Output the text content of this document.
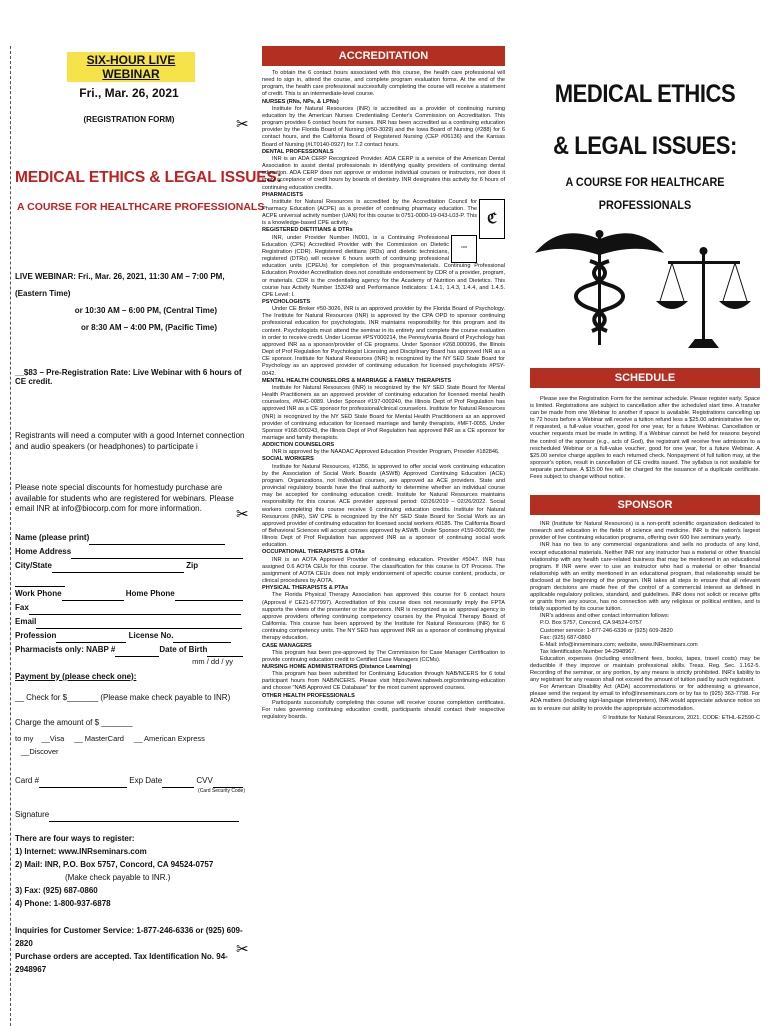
SIX-HOUR LIVE WEBINAR
Fri., Mar. 26, 2021
(REGISTRATION FORM)
MEDICAL ETHICS & LEGAL ISSUES:
A COURSE FOR HEALTHCARE PROFESSIONALS
LIVE WEBINAR: Fri., Mar. 26, 2021, 11:30 AM – 7:00 PM, (Eastern Time)
or 10:30 AM – 6:00 PM, (Central Time)
or 8:30 AM – 4:00 PM, (Pacific Time)
__$83 – Pre-Registration Rate: Live Webinar with 6 hours of CE credit.
Registrants will need a computer with a good Internet connection and audio speakers (or headphones) to participate i
Please note special discounts for homestudy purchase are available for students who are registered for webinars. Please email INR at info@biocorp.com for more information.
Name (please print)
Home Address
City/State	Zip
Work Phone	Home Phone
Fax
Email
Profession	License No.
Pharmacists only: NABP #	Date of Birth
mm / dd / yy
Payment by (please check one):
__ Check for $_______ (Please make check payable to INR)
Charge the amount of $ _______
to my __Visa __ MasterCard __ American Express __Discover
Card #	Exp Date	CVV
(Card Security Code)
Signature
There are four ways to register:
1) Internet: www.INRseminars.com
2) Mail: INR, P.O. Box 5757, Concord, CA 94524-0757
(Make check payable to INR.)
3) Fax: (925) 687-0860
4) Phone: 1-800-937-6878
Inquiries for Customer Service: 1-877-246-6336 or (925) 609-2820
Purchase orders are accepted. Tax Identification No. 94-2948967
✂
✂
✂
ACCREDITATION

To obtain the 6 contact hours associated with this course, the health care professional will need to sign in, attend the course, and complete program evaluation forms. At the end of the program, the health care professional successfully completing the course will receive a statement of credit. This is an intermediate-level course.

NURSES (RNs, NPs, & LPNs)

Institute for Natural Resources (INR) is accredited as a provider of continuing nursing education by the American Nurses Credentialing Center's Commission on Accreditation. This program provides 6 contact hours for nurses. INR has been accredited as a continuing education provider by the Florida Board of Nursing (#50-3029) and the Iowa Board of Nursing (#288) for 6 contact hours, and the California Board of Registered Nursing (CEP #06136) and the Kansas Board of Nursing (#LT0140-0927) for 7.2 contact hours.

DENTAL PROFESSIONALS

INR is an ADA CERP Recognized Provider. ADA CERP is a service of the American Dental Association to assist dental professionals in identifying quality providers of continuing dental education. ADA CERP does not approve or endorse individual courses or instructors, nor does it imply acceptance of credit hours by boards of dentistry. INR designates this activity for 6 hours of continuing education credits.

PHARMACISTS

ℭ

Institute for Natural Resources is accredited by the Accreditation Council for Pharmacy Education (ACPE) as a provider of continuing pharmacy education. The ACPE universal activity number (UAN) for this course is 0751-0000-19-043-L03-P. This is a knowledge-based CPE activity.

REGISTERED DIETITIANS & DTRs

CDR

INR, under Provider Number IN001, is a Continuing Professional Education (CPE) Accredited Provider with the Commission on Dietetic Registration (CDR). Registered dietitians (RDs) and dietetic technicians, registered (DTRs) will receive 6 hours worth of continuing professional education units (CPEUs) for completion of this program/materials. Continuing Professional Education Provider Accreditation does not constitute endorsement by CDR of a provider, program, or materials. CDR is the credentialing agency for the Academy of Nutrition and Dietetics. This course has Activity Number 153249 and Performance Indicators: 1.4.1, 1.4.3, 1.4.4, and 1.4.5. CPE Level: I.

PSYCHOLOGISTS

Under CE Broker #50-3026, INR is an approved provider by the Florida Board of Psychology. The Institute for Natural Resources (INR) is approved by the CPA OPD to sponsor continuing professional education for psychologists. INR maintains responsibility for this program and its content. Psychologists must attend the seminar in its entirety and complete the course evaluation in order to receive credit. Under License #PSY000214, the Pennsylvania Board of Psychology has approved INR as a sponsor/provider of CE programs. Under Sponsor #268.000096, the Illinois Dept of Prof Regulation for Psychologist Licensing and Disciplinary Board has approved INR as a CE sponsor. Institute for Natural Resources (INR) is recognized by the NY SED State Board for Psychology as an approved provider of continuing education for licensed psychologists #PSY-0042.

MENTAL HEALTH COUNSELORS & MARRIAGE & FAMILY THERAPISTS

Institute for Natural Resources (INR) is recognized by the NY SED State Board for Mental Health Practitioners as an approved provider of continuing education for licensed mental health counselors, #MHC-0089. Under Sponsor #197-000240, the Illinois Dept of Prof Regulation has approved INR as a CE sponsor for professional/clinical counselors. Institute for Natural Resources (INR) is recognized by the NY SED State Board for Mental Health Practitioners as an approved provider of continuing education for licensed marriage and family therapists, #MFT-0055. Under Sponsor #168.000243, the Illinois Dept of Prof Regulation has approved INR as a CE sponsor for marriage and family therapists.

ADDICTION COUNSELORS

INR is approved by the NAADAC Approved Education Provider Program, Provider #182846.

SOCIAL WORKERS

Institute for Natural Resources, #1356, is approved to offer social work continuing education by the Association of Social Work Boards (ASWB) Approved Continuing Education (ACE) program. Organizations, not individual courses, are approved as ACE providers. State and provincial regulatory boards have the final authority to determine whether an individual course may be accepted for continuing education credit. Institute for Natural Resources maintains responsibility for this course. ACE provider approval period: 02/26/2019 – 02/26/2022. Social workers completing this course receive 6 continuing education credits. Institute for Natural Resources (INR), SW CPE is recognized by the NY SED State Board for Social Work as an approved provider of continuing education for licensed social workers #0185. The California Board of Behavioral Sciences will accept courses approved by ASWB. Under Sponsor #159-000260, the Illinois Dept of Prof Regulation has approved INR as a sponsor of continuing social work education.

OCCUPATIONAL THERAPISTS & OTAs

INR is an AOTA Approved Provider of continuing education. Provider #5047. INR has assigned 0.6 AOTA CEUs for this course. The classification for this course is OT Process. The assignment of AOTA CEUs does not imply endorsement of specific course content, products, or clinical procedures by AOTA.

PHYSICAL THERAPISTS & PTAs

The Florida Physical Therapy Association has approved this course for 6 contact hours (Approval # CE21-677997). Accreditation of this course does not necessarily imply the FPTA supports the views of the presenter or the sponsors. INR is recognized as an approval agency to approve providers offering continuing competency courses by the Physical Therapy Board of California. This course has been approved by the Institute for Natural Resources (INR) for 6 continuing competency units. The NY SED has approved INR as a sponsor of continuing physical therapy education.

CASE MANAGERS

This program has been pre-approved by The Commission for Case Manager Certification to provide continuing education credit to Certified Case Managers (CCMs).

NURSING HOME ADMINISTRATORS (Distance Learning)

This program has been submitted for Continuing Education through NAB/NCERS for 6 total participant hours from NAB/NCERS. Please visit https://www.nabweb.org/continuing-education and choose "NAB Approved CE Database" for the most current approved courses.

OTHER HEALTH PROFESSIONALS

Participants successfully completing this course will receive course completion certificates. For rules governing continuing education credit, participants should contact their respective regulatory boards.

MEDICAL ETHICS
& LEGAL ISSUES:
A COURSE FOR HEALTHCARE
PROFESSIONALS
SCHEDULE
Please see the Registration Form for the seminar schedule. Please register early. Space is limited. Registrations are subject to cancellation after the scheduled start time. A transfer can be made from one Webinar to another if space is available. Registrations cancelling up to 72 hours before a Webinar will receive a tuition refund less a $25.00 administrative fee or, if requested, a full-value voucher, good for one year, for a future Webinar. Cancellation or voucher requests must be made in writing. If a Webinar cannot be held for reasons beyond the control of the sponsor (e.g., acts of God), the registrant will receive free admission to a rescheduled Webinar or a full-value voucher, good for one year, for a future Webinar. A $25.00 service charge applies to each returned check. Nonpayment of full tuition may, at the sponsor's option, result in cancellation of CE credits issued. The syllabus is not available for separate purchase. A $15.00 fee will be charged for the issuance of a duplicate certificate. Fees subject to change without notice.
SPONSOR

INR (Institute for Natural Resources) is a non-profit scientific organization dedicated to research and education in the fields of science and medicine. INR is the nation's largest provider of live continuing education programs, offering over 600 live seminars yearly.

INR has no ties to any commercial organizations and sells no products of any kind, except educational materials. Neither INR nor any instructor has a material or other financial relationship with any health care-related business that may be mentioned in an educational program. If INR were ever to use an instructor who had a material or other financial relationship with an entity mentioned in an educational program, that relationship would be disclosed at the beginning of the program. INR takes all steps to ensure that all relevant program decisions are made free of the control of a commercial interest as defined in applicable regulatory policies, standard, and guidelines. INR does not solicit or receive gifts or grants from any source, has no connection with any religious or political entities, and is totally supported by its course tuition.

INR's address and other contact information follows:

P.O. Box 5757, Concord, CA 94524-0757

Customer service: 1-877-246-6336 or (925) 609-2820

Fax: (925) 687-0860

E-Mail: info@inrseminars.com; website, www.INRseminars.com

Tax Identification Number 94-2948967.

Education expenses (including enrollment fees, books, tapes, travel costs) may be deductible if they improve or maintain professional skills. Treas. Reg. Sec. 1.162-5. Recording of the seminar, or any portion, by any means is strictly prohibited. INR's liability to any registrant for any reason shall not exceed the amount of tuition paid by such registrant.

For American Disability Act (ADA) accommodations or for addressing a grievance, please send the request by email to info@inrseminars.com or by fax to (925) 363-7798. For ADA matters (including sign-language interpreters), INR would appreciate advance notice so as to ensure our ability to provide the appropriate accommodation.

© Institute for Natural Resources, 2021. CODE: ETHL-E2590-C
